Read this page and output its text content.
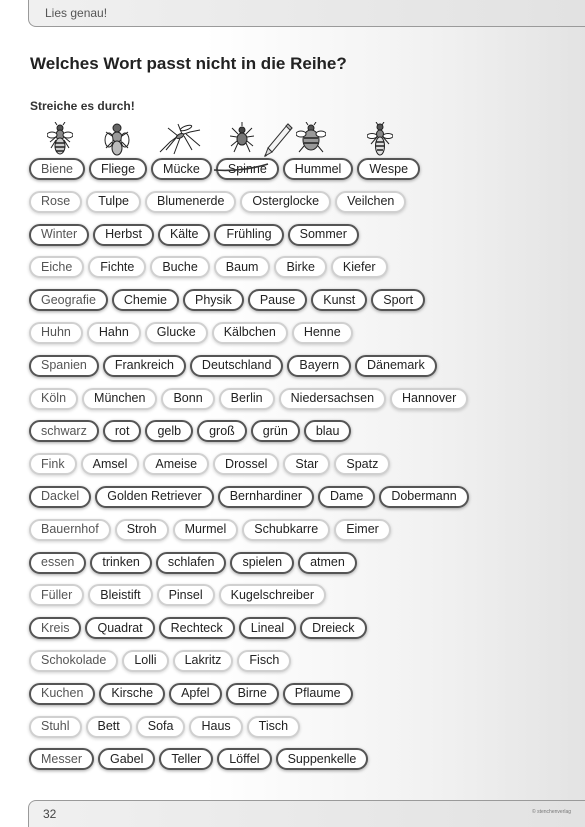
Lies genau!
Welches Wort passt nicht in die Reihe?
Streiche es durch!
Biene	Fliege	Mücke	Spinne	Hummel	Wespe
Rose	Tulpe	Blumenerde	Osterglocke	Veilchen
Winter	Herbst	Kälte	Frühling	Sommer
Eiche	Fichte	Buche	Baum	Birke	Kiefer
Geografie	Chemie	Physik	Pause	Kunst	Sport
Huhn	Hahn	Glucke	Kälbchen	Henne
Spanien	Frankreich	Deutschland	Bayern	Dänemark
Köln	München	Bonn	Berlin	Niedersachsen	Hannover
schwarz	rot	gelb	groß	grün	blau
Fink	Amsel	Ameise	Drossel	Star	Spatz
Dackel	Golden Retriever	Bernhardiner	Dame	Dobermann
Bauernhof	Stroh	Murmel	Schubkarre	Eimer
essen	trinken	schlafen	spielen	atmen
Füller	Bleistift	Pinsel	Kugelschreiber
Kreis	Quadrat	Rechteck	Lineal	Dreieck
Schokolade	Lolli	Lakritz	Fisch
Kuchen	Kirsche	Apfel	Birne	Pflaume
Stuhl	Bett	Sofa	Haus	Tisch
Messer	Gabel	Teller	Löffel	Suppenkelle
32	© stenchenverlag
